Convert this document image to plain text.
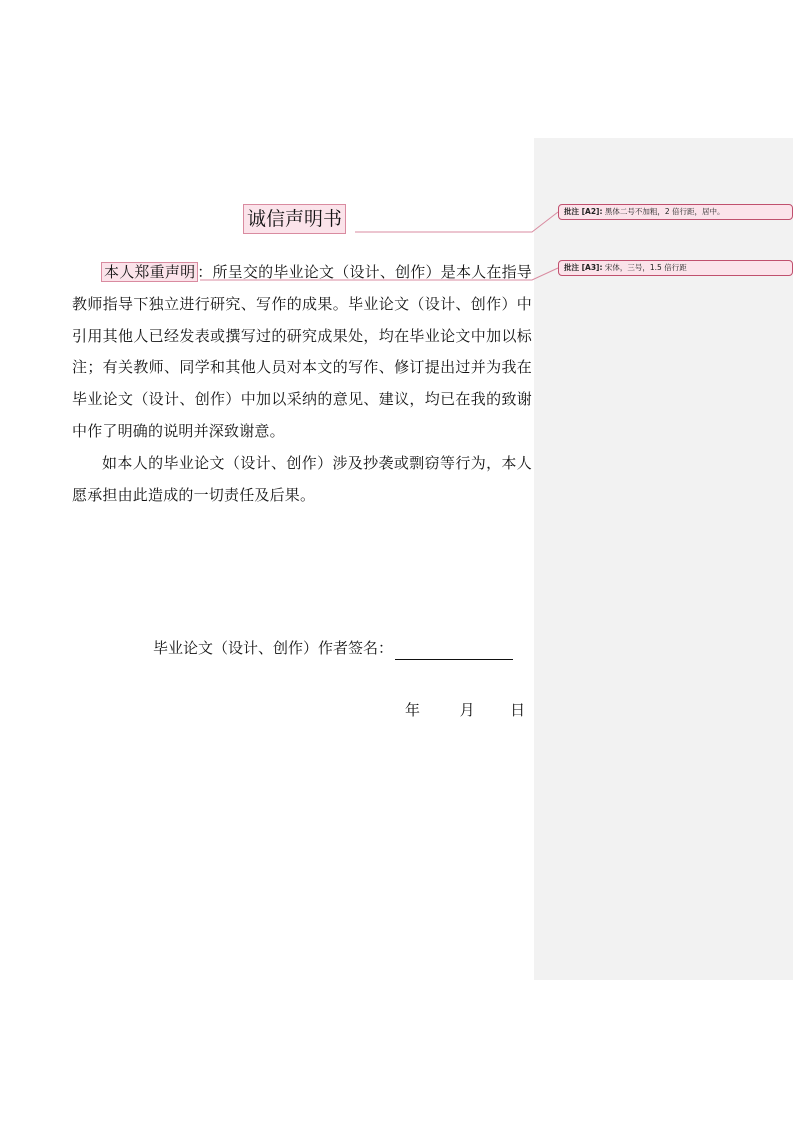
诚信声明书

本人郑重声明 ：所呈交的毕业论文（设计、创作）是本人在指导教师指导下独立进行研究、写作的成果。毕业论文（设计、创作）中引用其他人已经发表或撰写过的研究成果处，均在毕业论文中加以标注；有关教师、同学和其他人员对本文的写作、修订提出过并为我在毕业论文（设计、创作）中加以采纳的意见、建议，均已在我的致谢中作了明确的说明并深致谢意。

如本人的毕业论文（设计、创作）涉及抄袭或剽窃等行为，本人愿承担由此造成的一切责任及后果。

毕业论文（设计、创作）作者签名：
年	月 日
批注 [A2]: 黑体二号不加粗，2 倍行距，居中。
批注 [A3]: 宋体，三号，1.5 倍行距
